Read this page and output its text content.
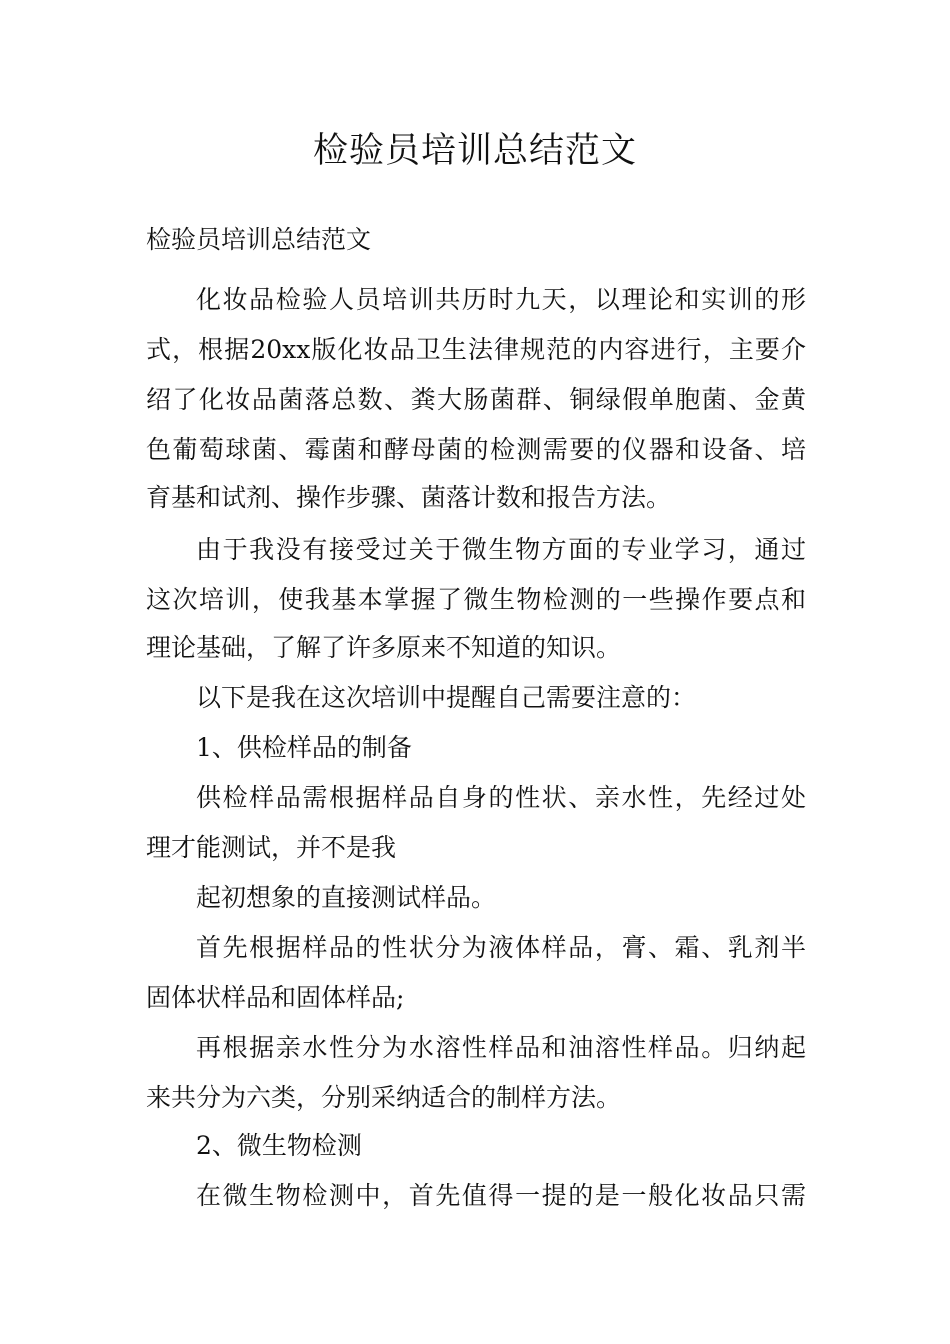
检验员培训总结范文

检验员培训总结范文

化妆品检验人员培训共历时九天，以理论和实训的形

式，根据20xx版化妆品卫生法律规范的内容进行，主要介

绍了化妆品菌落总数、粪大肠菌群、铜绿假单胞菌、金黄

色葡萄球菌、霉菌和酵母菌的检测需要的仪器和设备、培

育基和试剂、操作步骤、菌落计数和报告方法。

由于我没有接受过关于微生物方面的专业学习，通过

这次培训，使我基本掌握了微生物检测的一些操作要点和

理论基础，了解了许多原来不知道的知识。

以下是我在这次培训中提醒自己需要注意的：

1、供检样品的制备

供检样品需根据样品自身的性状、亲水性，先经过处

理才能测试，并不是我

起初想象的直接测试样品。

首先根据样品的性状分为液体样品，膏、霜、乳剂半

固体状样品和固体样品;

再根据亲水性分为水溶性样品和油溶性样品。归纳起

来共分为六类，分别采纳适合的制样方法。

2、微生物检测

在微生物检测中，首先值得一提的是一般化妆品只需
